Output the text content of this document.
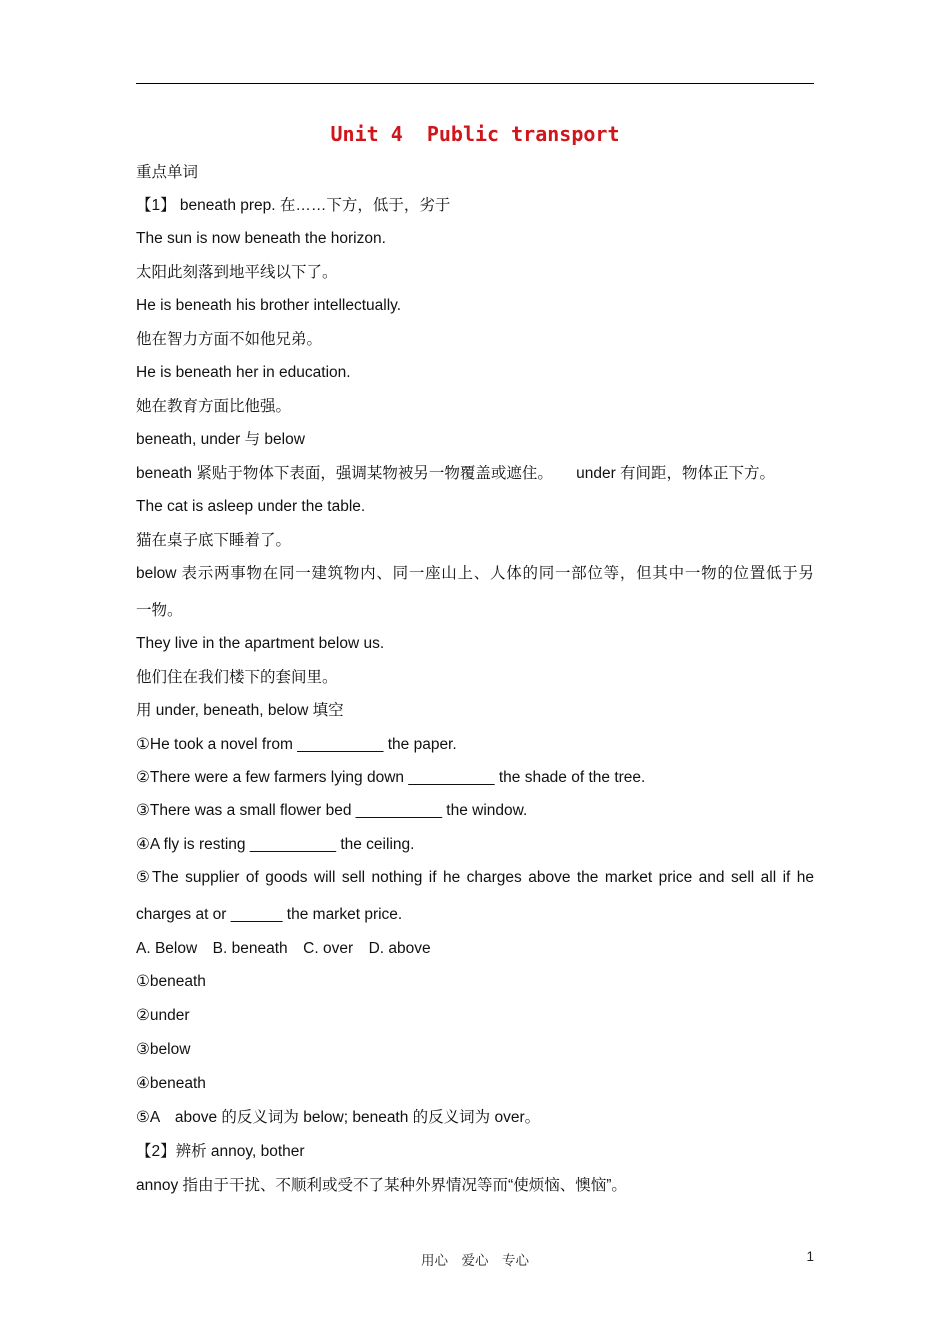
Unit 4  Public transport
重点单词
【1】 beneath prep. 在……下方，低于，劣于
The sun is now beneath the horizon.
太阳此刻落到地平线以下了。
He is beneath his brother intellectually.
他在智力方面不如他兄弟。
He is beneath her in education.
她在教育方面比他强。
beneath, under 与 below
beneath 紧贴于物体下表面，强调某物被另一物覆盖或遮住。　　under 有间距，物体正下方。
The cat is asleep under the table.
猫在桌子底下睡着了。
below 表示两事物在同一建筑物内、同一座山上、人体的同一部位等，但其中一物的位置低于另
一物。
They live in the apartment below us.
他们住在我们楼下的套间里。
用 under, beneath, below 填空
①He took a novel from __________ the paper.
②There were a few farmers lying down __________ the shade of the tree.
③There was a small flower bed __________ the window.
④A fly is resting __________ the ceiling.
⑤The supplier of goods will sell nothing if he charges above the market price and sell all if he
charges at or ______ the market price.
A. Below　B. beneath　C. over　D. above
①beneath
②under
③below
④beneath
⑤A　above 的反义词为 below; beneath 的反义词为 over。
【2】辨析 annoy, bother
annoy 指由于干扰、不顺利或受不了某种外界情况等而“使烦恼、懊恼”。
用心　爱心　专心	1
